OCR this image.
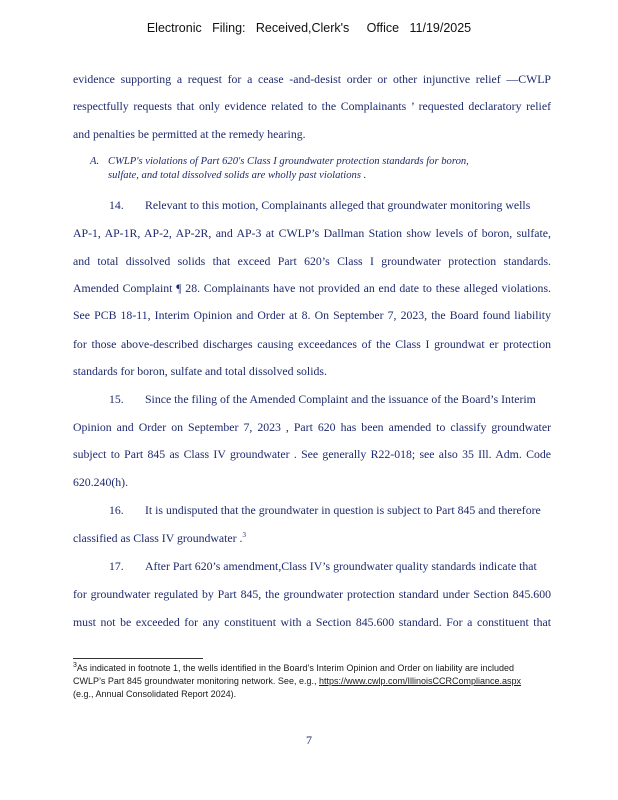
Electronic   Filing:   Received,Clerk's     Office   11/19/2025
evidence supporting a request for a cease -and-desist order or other injunctive relief —CWLP
respectfully requests that only evidence related to the Complainants ’ requested declaratory relief
and penalties be permitted at the remedy hearing.
A. CWLP's violations of Part 620's Class I groundwater protection standards for boron,
sulfate, and total dissolved solids are wholly past violations .
14. Relevant to this motion, Complainants alleged that groundwater monitoring wells
AP-1, AP-1R, AP-2, AP-2R, and AP-3 at CWLP’s Dallman Station show levels of boron, sulfate,
and total dissolved solids that exceed Part 620’s Class I groundwater protection standards.
Amended Complaint ¶ 28. Complainants have not provided an end date to these alleged violations.
See PCB 18-11, Interim Opinion and Order at 8. On September 7, 2023, the Board found liability
for those above-described discharges causing exceedances of the Class I groundwat er protection
standards for boron, sulfate and total dissolved solids.
15. Since the filing of the Amended Complaint and the issuance of the Board’s Interim
Opinion and Order on September 7, 2023 , Part 620 has been amended to classify groundwater
subject to Part 845 as Class IV groundwater . See generally R22-018; see also 35 Ill. Adm. Code
620.240(h).
16. It is undisputed that the groundwater in question is subject to Part 845 and therefore
classified as Class IV groundwater .$^3$
17. After Part 620’s amendment,Class IV’s groundwater quality standards indicate that
for groundwater regulated by Part 845, the groundwater protection standard under Section 845.600
must not be exceeded for any constituent with a Section 845.600 standard. For a constituent that
$^3$As indicated in footnote 1, the wells identified in the Board’s Interim Opinion and Order on liability are included
CWLP’s Part 845 groundwater monitoring network. See, e.g., https://www.cwlp.com/IllinoisCCRCompliance.aspx
(e.g., Annual Consolidated Report 2024).
7
